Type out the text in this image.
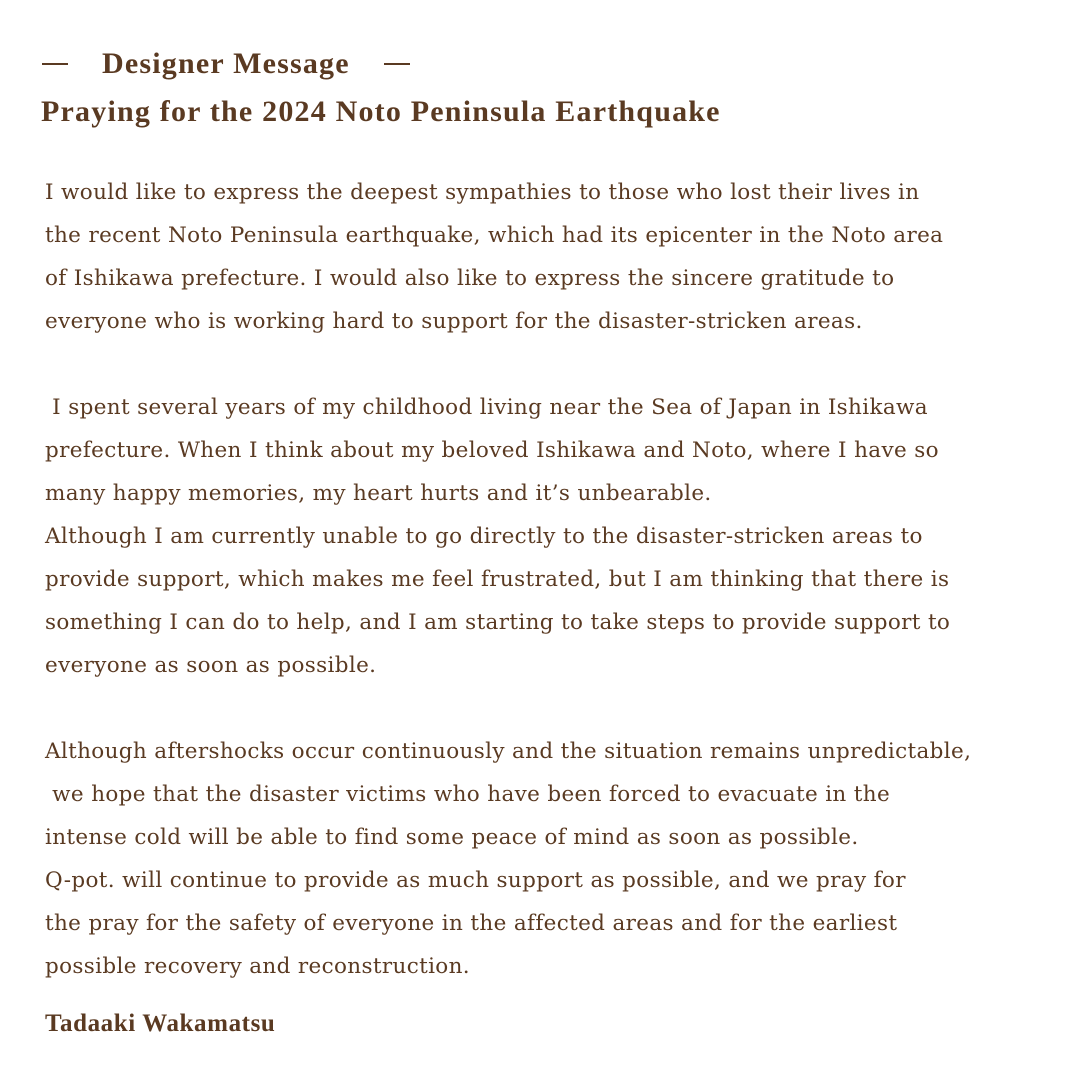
Designer Message
Praying for the 2024 Noto Peninsula Earthquake
I would like to express the deepest sympathies to those who lost their lives in
the recent Noto Peninsula earthquake, which had its epicenter in the Noto area
of Ishikawa prefecture. I would also like to express the sincere gratitude to
everyone who is working hard to support for the disaster-stricken areas.
I spent several years of my childhood living near the Sea of Japan in Ishikawa
prefecture. When I think about my beloved Ishikawa and Noto, where I have so
many happy memories, my heart hurts and it’s unbearable.
Although I am currently unable to go directly to the disaster-stricken areas to
provide support, which makes me feel frustrated, but I am thinking that there is
something I can do to help, and I am starting to take steps to provide support to
everyone as soon as possible.
Although aftershocks occur continuously and the situation remains unpredictable,
we hope that the disaster victims who have been forced to evacuate in the
intense cold will be able to find some peace of mind as soon as possible.
Q-pot. will continue to provide as much support as possible, and we pray for
the pray for the safety of everyone in the affected areas and for the earliest
possible recovery and reconstruction.

Tadaaki Wakamatsu
